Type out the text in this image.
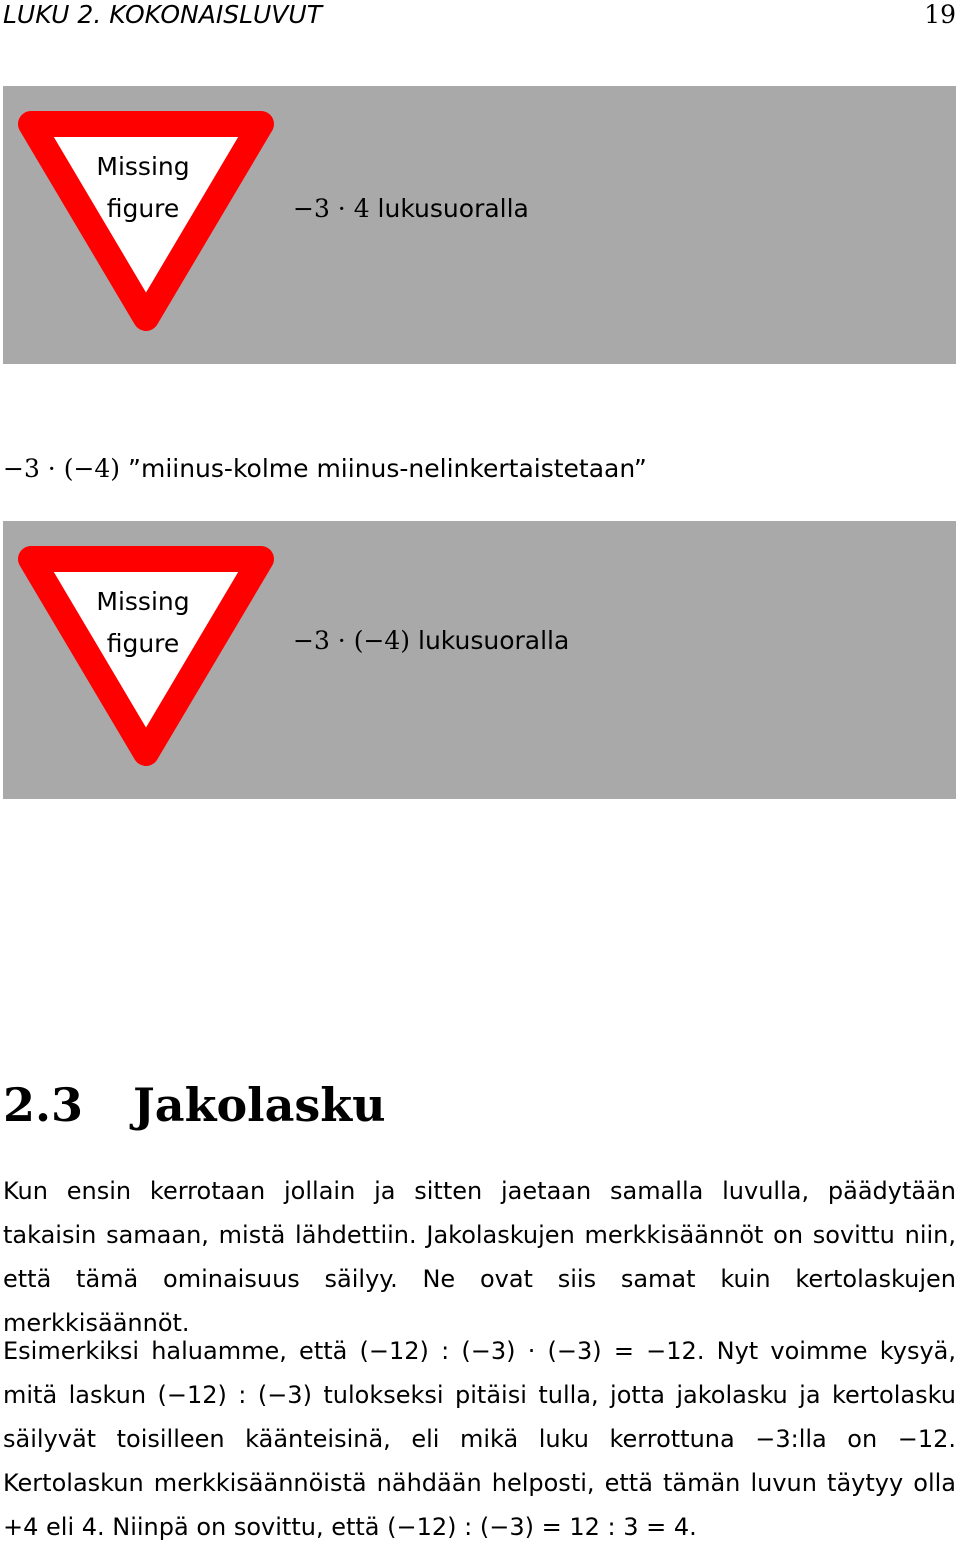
LUKU 2. KOKONAISLUVUT	19
Missing
figure	−3 · 4 lukusuoralla
−3 · (−4) ”miinus-kolme miinus-nelinkertaistetaan”
Missing
figure	−3 · (−4) lukusuoralla
2.3 Jakolasku

Kun ensin kerrotaan jollain ja sitten jaetaan samalla luvulla, päädytään takaisin samaan, mistä lähdettiin. Jakolaskujen merkkisäännöt on sovittu niin, että tämä ominaisuus säilyy. Ne ovat siis samat kuin kertolaskujen merkkisäännöt.

Esimerkiksi haluamme, että (−12) : (−3) · (−3) = −12. Nyt voimme kysyä, mitä laskun (−12) : (−3) tulokseksi pitäisi tulla, jotta jakolasku ja kertolasku säilyvät toisilleen käänteisinä, eli mikä luku kerrottuna −3:lla on −12. Kertolaskun merkkisäännöistä nähdään helposti, että tämän luvun täytyy olla +4 eli 4. Niinpä on sovittu, että (−12) : (−3) = 12 : 3 = 4.
